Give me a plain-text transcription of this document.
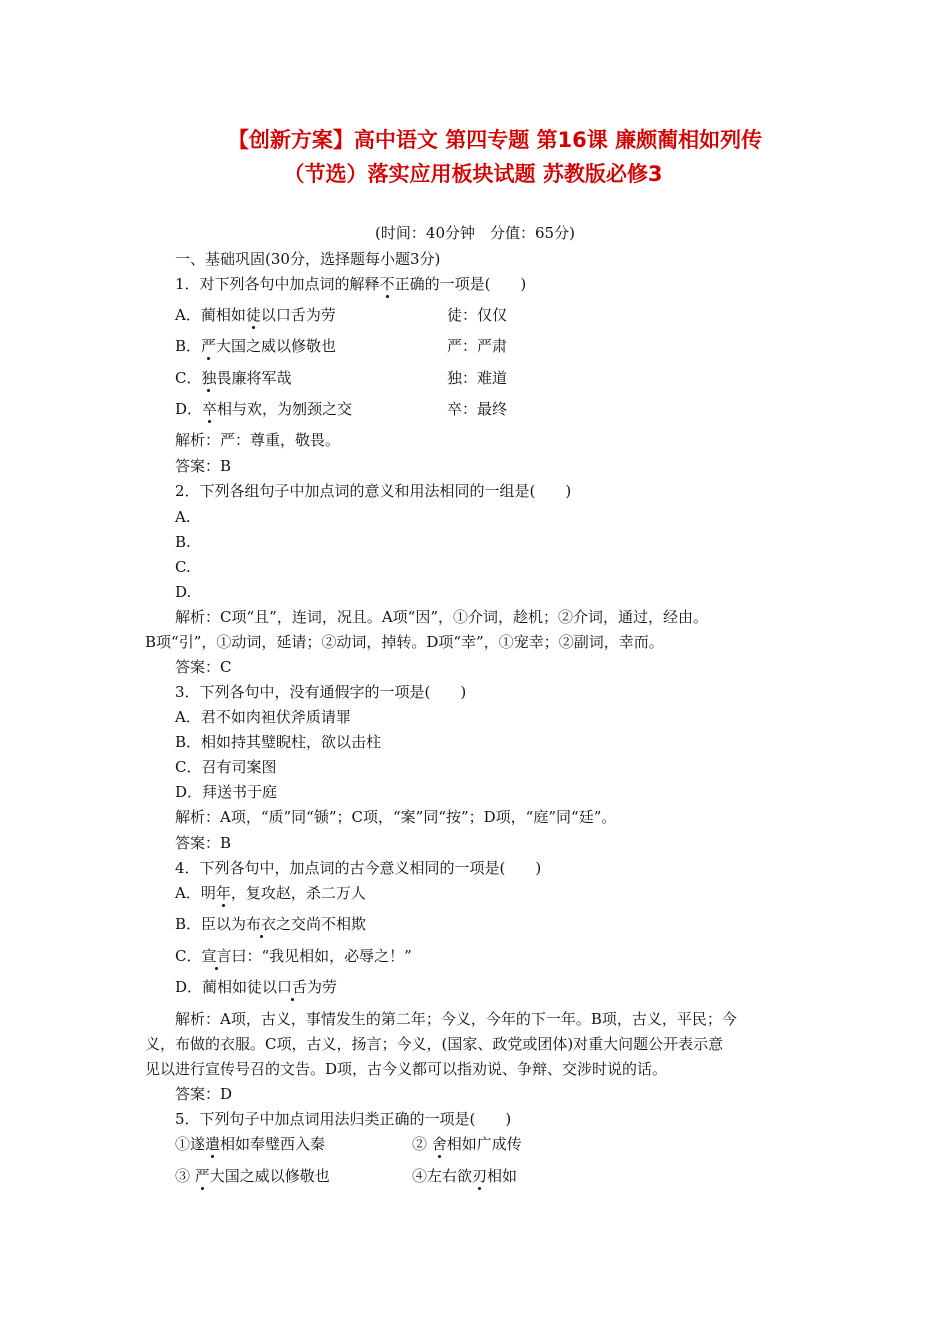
【创新方案】高中语文 第四专题 第16课 廉颇蔺相如列传
（节选）落实应用板块试题 苏教版必修3
(时间：40分钟　分值：65分)
一、基础巩固(30分，选择题每小题3分)
1．对下列各句中加点词的解释不正确的一项是(　　)
A．蔺相如徒以口舌为劳	徒：仅仅
B．严大国之威以修敬也	严：严肃
C．独畏廉将军哉	独：难道
D．卒相与欢，为刎颈之交	卒：最终
解析：严：尊重，敬畏。
答案：B
2．下列各组句子中加点词的意义和用法相同的一组是(　　)
A.
B.
C.
D.
解析：C项“且”，连词，况且。A项“因”，①介词，趁机；②介词，通过，经由。
B项“引”，①动词，延请；②动词，掉转。D项“幸”，①宠幸；②副词，幸而。
答案：C
3．下列各句中，没有通假字的一项是(　　)
A．君不如肉袒伏斧质请罪
B．相如持其璧睨柱，欲以击柱
C．召有司案图
D．拜送书于庭
解析：A项，“质”同“锧”；C项，“案”同“按”；D项，“庭”同“廷”。
答案：B
4．下列各句中，加点词的古今意义相同的一项是(　　)
A．明年，复攻赵，杀二万人
B．臣以为布衣之交尚不相欺
C．宣言曰：“我见相如，必辱之！”
D．蔺相如徒以口舌为劳
解析：A项，古义，事情发生的第二年；今义，今年的下一年。B项，古义，平民；今
义，布做的衣服。C项，古义，扬言；今义，(国家、政党或团体)对重大问题公开表示意
见以进行宣传号召的文告。D项，古今义都可以指劝说、争辩、交涉时说的话。
答案：D
5．下列句子中加点词用法归类正确的一项是(　　)
①遂遣相如奉璧西入秦	② 舍相如广成传
③ 严大国之威以修敬也	④左右欲刃相如
